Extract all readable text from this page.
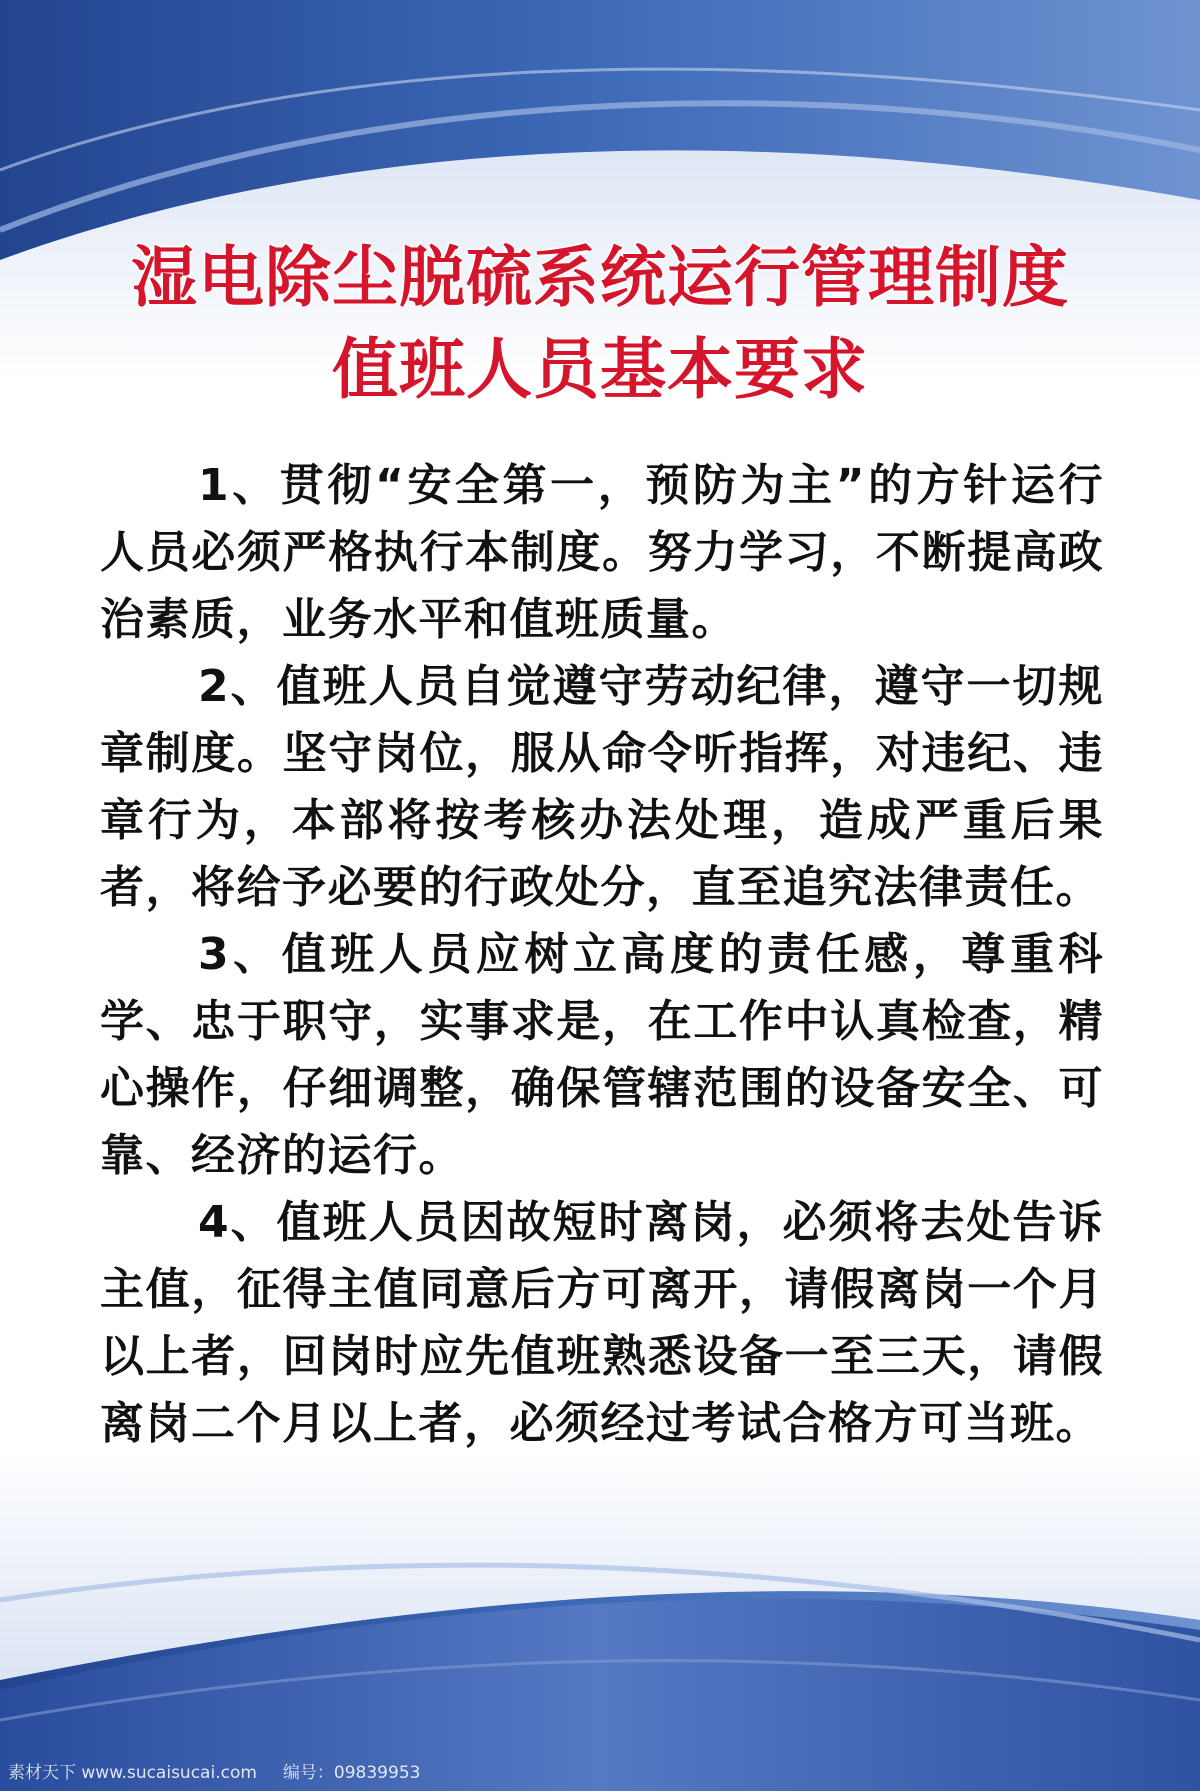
湿电除尘脱硫系统运行管理制度
值班人员基本要求

1、贯彻“安全第一，预防为主”的方针运行人员必须严格执行本制度。努力学习，不断提高政治素质，业务水平和值班质量。

2、值班人员自觉遵守劳动纪律，遵守一切规章制度。坚守岗位，服从命令听指挥，对违纪、违章行为，本部将按考核办法处理，造成严重后果者，将给予必要的行政处分，直至追究法律责任。

3、值班人员应树立高度的责任感，尊重科学、忠于职守，实事求是，在工作中认真检查，精心操作，仔细调整，确保管辖范围的设备安全、可靠、经济的运行。

4、值班人员因故短时离岗，必须将去处告诉主值，征得主值同意后方可离开，请假离岗一个月以上者，回岗时应先值班熟悉设备一至三天，请假离岗二个月以上者，必须经过考试合格方可当班。

素材天下 www.sucaisucai.com 编号：09839953
